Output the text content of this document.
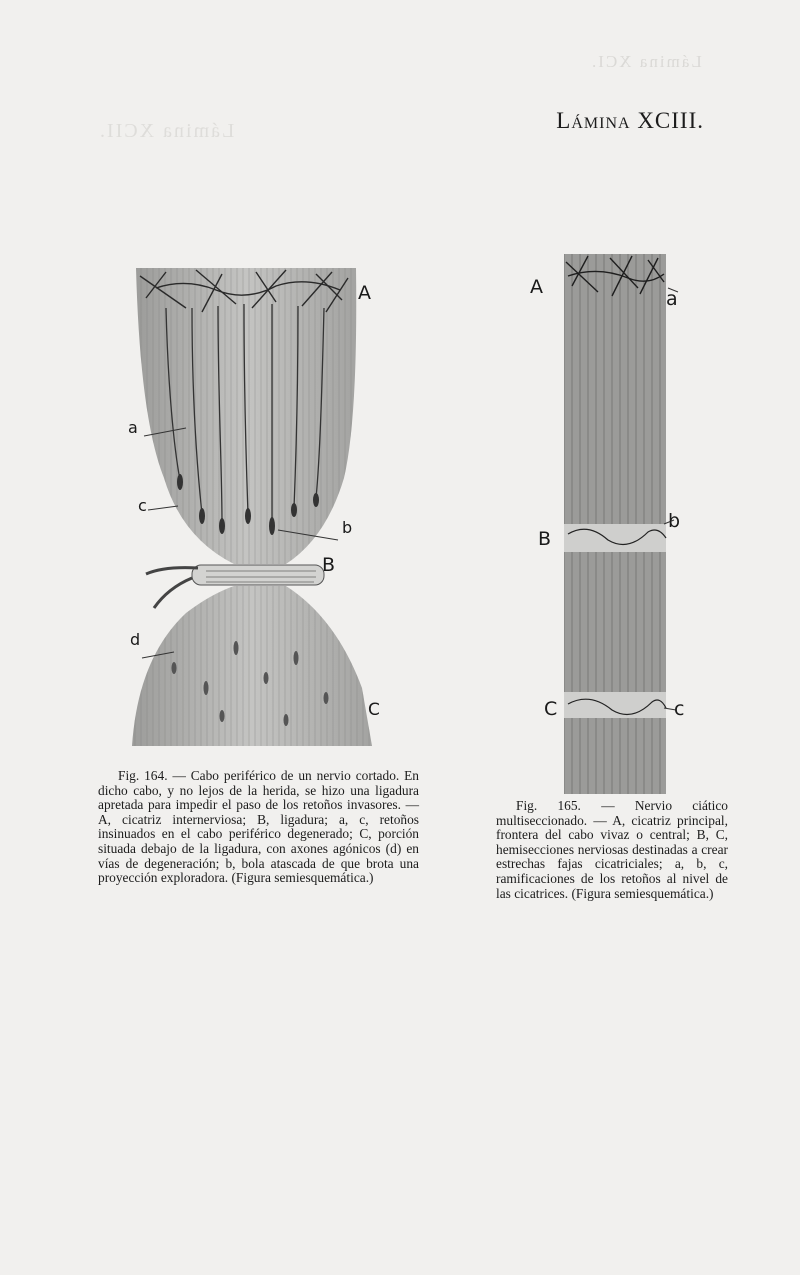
Lámina XCI.
Lámina XCII.	Lámina XCIII.
A
B
C
a
b
c
d
A
B
C
a
b
c
Fig. 164. — Cabo periférico de un nervio cortado. En dicho cabo, y no lejos de la herida, se hizo una ligadura apretada para impedir el paso de los retoños invasores. — A, cicatriz internerviosa; B, ligadura; a, c, retoños insinuados en el cabo periférico degenerado; C, porción situada debajo de la ligadura, con axones agónicos (d) en vías de degeneración; b, bola atascada de que brota una proyección exploradora. (Figura semiesquemática.)
Fig. 165. — Nervio ciático multiseccionado. — A, cicatriz principal, frontera del cabo vivaz o central; B, C, hemisecciones nerviosas destinadas a crear estrechas fajas cicatriciales; a, b, c, ramificaciones de los retoños al nivel de las cicatrices. (Figura semiesquemática.)
